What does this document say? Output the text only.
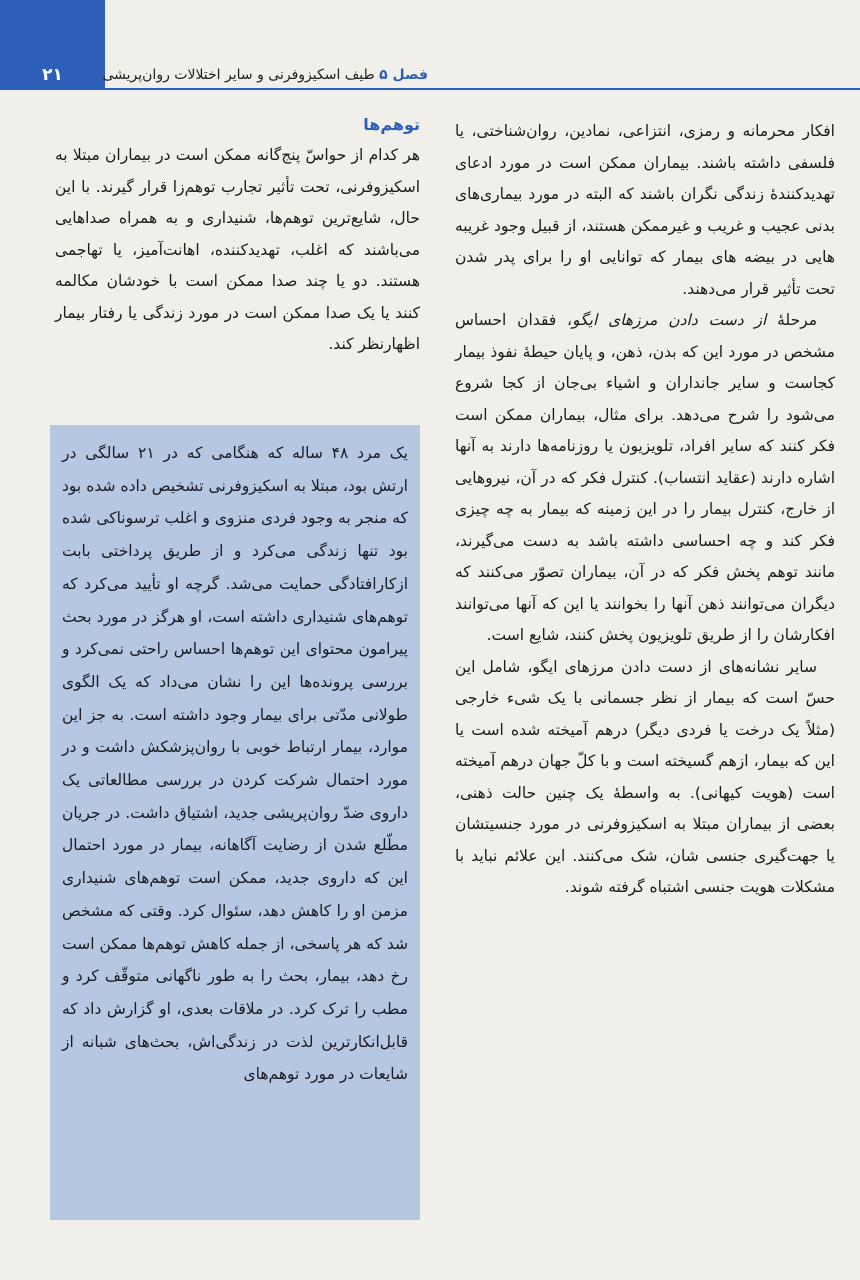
۲۱	فصل ۵ طیف اسکیزوفرنی و سایر اختلالات روان‌پریشی

افکار محرمانه و رمزی، انتزاعی، نمادین، روان‌شناختی، یا فلسفی داشته باشند. بیماران ممکن است در مورد ادعای تهدیدکنندهٔ زندگی نگران باشند که البته در مورد بیماری‌های بدنی عجیب و غریب و غیرممکن هستند، از قبیل وجود غریبه هایی در بیضه های بیمار که توانایی او را برای پدر شدن تحت تأثیر قرار می‌دهند.

مرحلهٔ از دست دادن مرزهای ایگو، فقدان احساس مشخص در مورد این که بدن، ذهن، و پایان حیطهٔ نفوذ بیمار کجاست و سایر جانداران و اشیاء بی‌جان از کجا شروع می‌شود را شرح می‌دهد. برای مثال، بیماران ممکن است فکر کنند که سایر افراد، تلویزیون یا روزنامه‌ها دارند به آنها اشاره دارند (عقاید انتساب). کنترل فکر که در آن، نیروهایی از خارج، کنترل بیمار را در این زمینه که بیمار به چه چیزی فکر کند و چه احساسی داشته باشد به دست می‌گیرند، مانند توهم پخش فکر که در آن، بیماران تصوّر می‌کنند که دیگران می‌توانند ذهن آنها را بخوانند یا این که آنها می‌توانند افکارشان را از طریق تلویزیون پخش کنند، شایع است.

سایر نشانه‌های از دست دادن مرزهای ایگو، شامل این حسّ است که بیمار از نظر جسمانی با یک شیء خارجی (مثلاً یک درخت یا فردی دیگر) درهم آمیخته شده است یا این که بیمار، ازهم گسیخته است و با کلّ جهان درهم آمیخته است (هویت کیهانی). به واسطهٔ یک چنین حالت ذهنی، بعضی از بیماران مبتلا به اسکیزوفرنی در مورد جنسیتشان یا جهت‌گیری جنسی شان، شک می‌کنند. این علائم نباید با مشکلات هویت جنسی اشتباه گرفته شوند.

توهم‌ها

هر کدام از حواسّ پنج‌گانه ممکن است در بیماران مبتلا به اسکیزوفرنی، تحت تأثیر تجارب توهم‌زا قرار گیرند. با این حال، شایع‌ترین توهم‌ها، شنیداری و به همراه صداهایی می‌باشند که اغلب، تهدیدکننده، اهانت‌آمیز، یا تهاجمی هستند. دو یا چند صدا ممکن است با خودشان مکالمه کنند یا یک صدا ممکن است در مورد زندگی یا رفتار بیمار اظهارنظر کند.

یک مرد ۴۸ ساله که هنگامی که در ۲۱ سالگی در ارتش بود، مبتلا به اسکیزوفرنی تشخیص داده شده بود که منجر به وجود فردی منزوی و اغلب ترسوناکی شده بود تنها زندگی می‌کرد و از طریق پرداختی بابت ازکارافتادگی حمایت می‌شد. گرچه او تأیید می‌کرد که توهم‌های شنیداری داشته است، او هرگز در مورد بحث پیرامون محتوای این توهم‌ها احساس راحتی نمی‌کرد و بررسی پرونده‌ها این را نشان می‌داد که یک الگوی طولانی مدّتی برای بیمار وجود داشته است. به جز این موارد، بیمار ارتباط خوبی با روان‌پزشکش داشت و در مورد احتمال شرکت کردن در بررسی مطالعاتی یک داروی ضدّ روان‌پریشی جدید، اشتیاق داشت. در جریان مطّلع شدن از رضایت آگاهانه، بیمار در مورد احتمال این که داروی جدید، ممکن است توهم‌های شنیداری مزمن او را کاهش دهد، سئوال کرد. وقتی که مشخص شد که هر پاسخی، از جمله کاهش توهم‌ها ممکن است رخ دهد، بیمار، بحث را به طور ناگهانی متوقّف کرد و مطب را ترک کرد. در ملاقات بعدی، او گزارش داد که قابل‌انکارترین لذت در زندگی‌اش، بحث‌های شبانه از شایعات در مورد توهم‌های
